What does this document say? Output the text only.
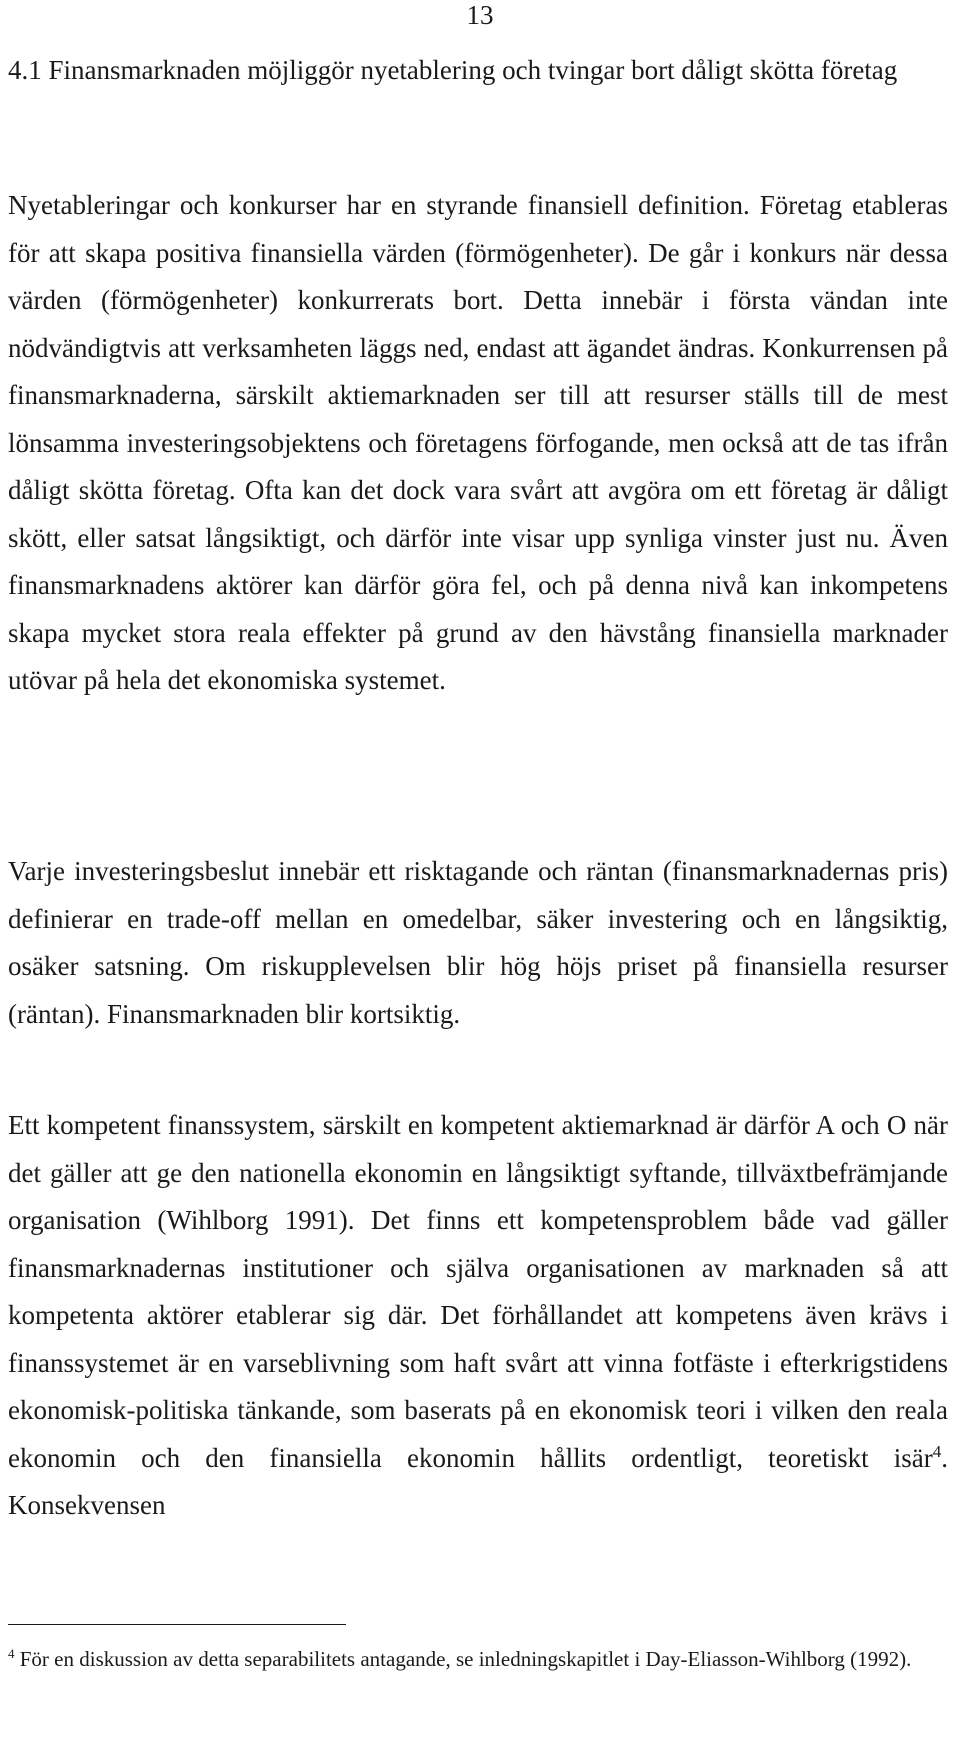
13
4.1 Finansmarknaden möjliggör nyetablering och tvingar bort dåligt skötta företag

Nyetableringar och konkurser har en styrande finansiell definition. Företag etableras för att skapa positiva finansiella värden (förmögenheter). De går i konkurs när dessa värden (förmögenheter) konkurrerats bort. Detta innebär i första vändan inte nödvändigtvis att verksamheten läggs ned, endast att ägandet ändras. Konkurrensen på finansmarknaderna, särskilt aktiemarknaden ser till att resurser ställs till de mest lönsamma investeringsobjektens och företagens förfogande, men också att de tas ifrån dåligt skötta företag. Ofta kan det dock vara svårt att avgöra om ett företag är dåligt skött, eller satsat långsiktigt, och därför inte visar upp synliga vinster just nu. Även finansmarknadens aktörer kan därför göra fel, och på denna nivå kan inkompetens skapa mycket stora reala effekter på grund av den hävstång finansiella marknader utövar på hela det ekonomiska systemet.

Varje investeringsbeslut innebär ett risktagande och räntan (finansmarknadernas pris) definierar en trade-off mellan en omedelbar, säker investering och en långsiktig, osäker satsning. Om riskupplevelsen blir hög höjs priset på finansiella resurser (räntan). Finansmarknaden blir kortsiktig.

Ett kompetent finanssystem, särskilt en kompetent aktiemarknad är därför A och O när det gäller att ge den nationella ekonomin en långsiktigt syftande, tillväxtbefrämjande organisation (Wihlborg 1991). Det finns ett kompetensproblem både vad gäller finansmarknadernas institutioner och själva organisationen av marknaden så att kompetenta aktörer etablerar sig där. Det förhållandet att kompetens även krävs i finanssystemet är en varseblivning som haft svårt att vinna fotfäste i efterkrigstidens ekonomisk-politiska tänkande, som baserats på en ekonomisk teori i vilken den reala ekonomin och den finansiella ekonomin hållits ordentligt, teoretiskt isär$^4$. Konsekvensen

$^4$ För en diskussion av detta separabilitets antagande, se inledningskapitlet i Day-Eliasson-Wihlborg (1992).
